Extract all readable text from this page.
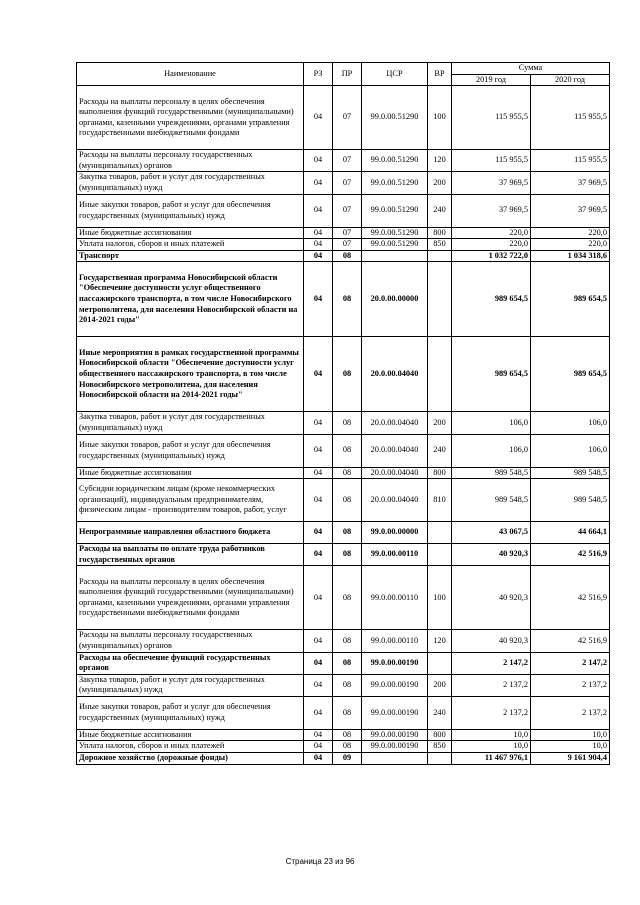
Наименование	РЗ	ПР	ЦСР	ВР	Сумма	
					2019 год	2020 год
Расходы на выплаты персоналу в целях обеспечения выполнения функций государственными (муниципальными) органами, казенными учреждениями, органами управления государственными внебюджетными фондами	04	07	99.0.00.51290	100	115 955,5	115 955,5
Расходы на выплаты персоналу государственных (муниципальных) органов	04	07	99.0.00.51290	120	115 955,5	115 955,5
Закупка товаров, работ и услуг для государственных (муниципальных) нужд	04	07	99.0.00.51290	200	37 969,5	37 969,5
Иные закупки товаров, работ и услуг для обеспечения государственных (муниципальных) нужд	04	07	99.0.00.51290	240	37 969,5	37 969,5
Иные бюджетные ассигнования	04	07	99.0.00.51290	800	220,0	220,0
Уплата налогов, сборов и иных платежей	04	07	99.0.00.51290	850	220,0	220,0
Транспорт	04	08			1 032 722,0	1 034 318,6
Государственная программа Новосибирской области "Обеспечение доступности услуг общественного пассажирского транспорта, в том числе Новосибирского метрополитена, для населения Новосибирской области на 2014-2021 годы"	04	08	20.0.00.00000		989 654,5	989 654,5
Иные мероприятия в рамках государственной программы Новосибирской области "Обеспечение доступности услуг общественного пассажирского транспорта, в том числе Новосибирского метрополитена, для населения Новосибирской области на 2014-2021 годы"	04	08	20.0.00.04040		989 654,5	989 654,5
Закупка товаров, работ и услуг для государственных (муниципальных) нужд	04	08	20.0.00.04040	200	106,0	106,0
Иные закупки товаров, работ и услуг для обеспечения государственных (муниципальных) нужд	04	08	20.0.00.04040	240	106,0	106,0
Иные бюджетные ассигнования	04	08	20.0.00.04040	800	989 548,5	989 548,5
Субсидии юридическим лицам (кроме некоммерческих организаций), индивидуальным предпринимателям, физическим лицам - производителям товаров, работ, услуг	04	08	20.0.00.04040	810	989 548,5	989 548,5
Непрограммные направления областного бюджета	04	08	99.0.00.00000		43 067,5	44 664,1
Расходы на выплаты по оплате труда работников государственных органов	04	08	99.0.00.00110		40 920,3	42 516,9
Расходы на выплаты персоналу в целях обеспечения выполнения функций государственными (муниципальными) органами, казенными учреждениями, органами управления государственными внебюджетными фондами	04	08	99.0.00.00110	100	40 920,3	42 516,9
Расходы на выплаты персоналу государственных (муниципальных) органов	04	08	99.0.00.00110	120	40 920,3	42 516,9
Расходы на обеспечение функций государственных органов	04	08	99.0.00.00190		2 147,2	2 147,2
Закупка товаров, работ и услуг для государственных (муниципальных) нужд	04	08	99.0.00.00190	200	2 137,2	2 137,2
Иные закупки товаров, работ и услуг для обеспечения государственных (муниципальных) нужд	04	08	99.0.00.00190	240	2 137,2	2 137,2
Иные бюджетные ассигнования	04	08	99.0.00.00190	800	10,0	10,0
Уплата налогов, сборов и иных платежей	04	08	99.0.00.00190	850	10,0	10,0
Дорожное хозяйство (дорожные фонды)	04	09			11 467 976,1	9 161 904,4
Страница 23 из 96
